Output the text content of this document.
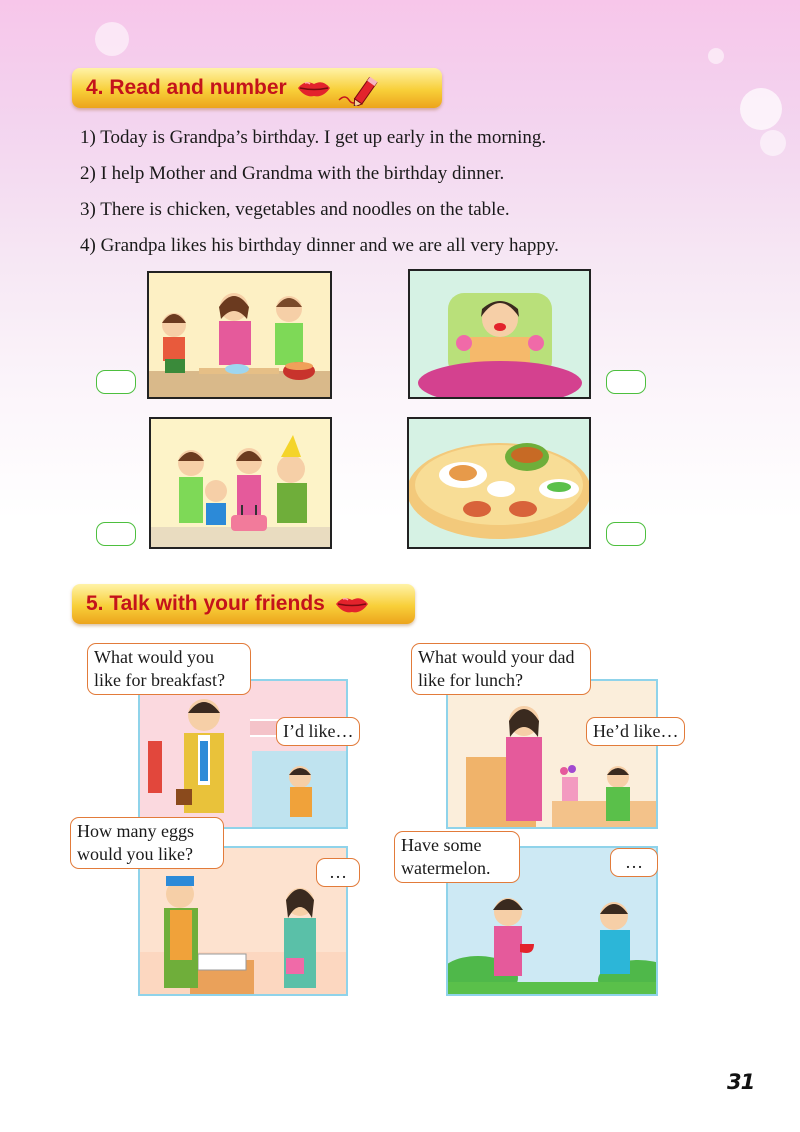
4. Read and number
1) Today is Grandpa’s birthday. I get up early in the morning.
2) I help Mother and Grandma with the birthday dinner.
3) There is chicken, vegetables and noodles on the table.
4) Grandpa likes his birthday dinner and we are all very happy.
5. Talk with your friends
What would you like for breakfast?
I’d like…
What would your dad like for lunch?
He’d like…
How many eggs would you like?
…
Have some watermelon.	…
31
